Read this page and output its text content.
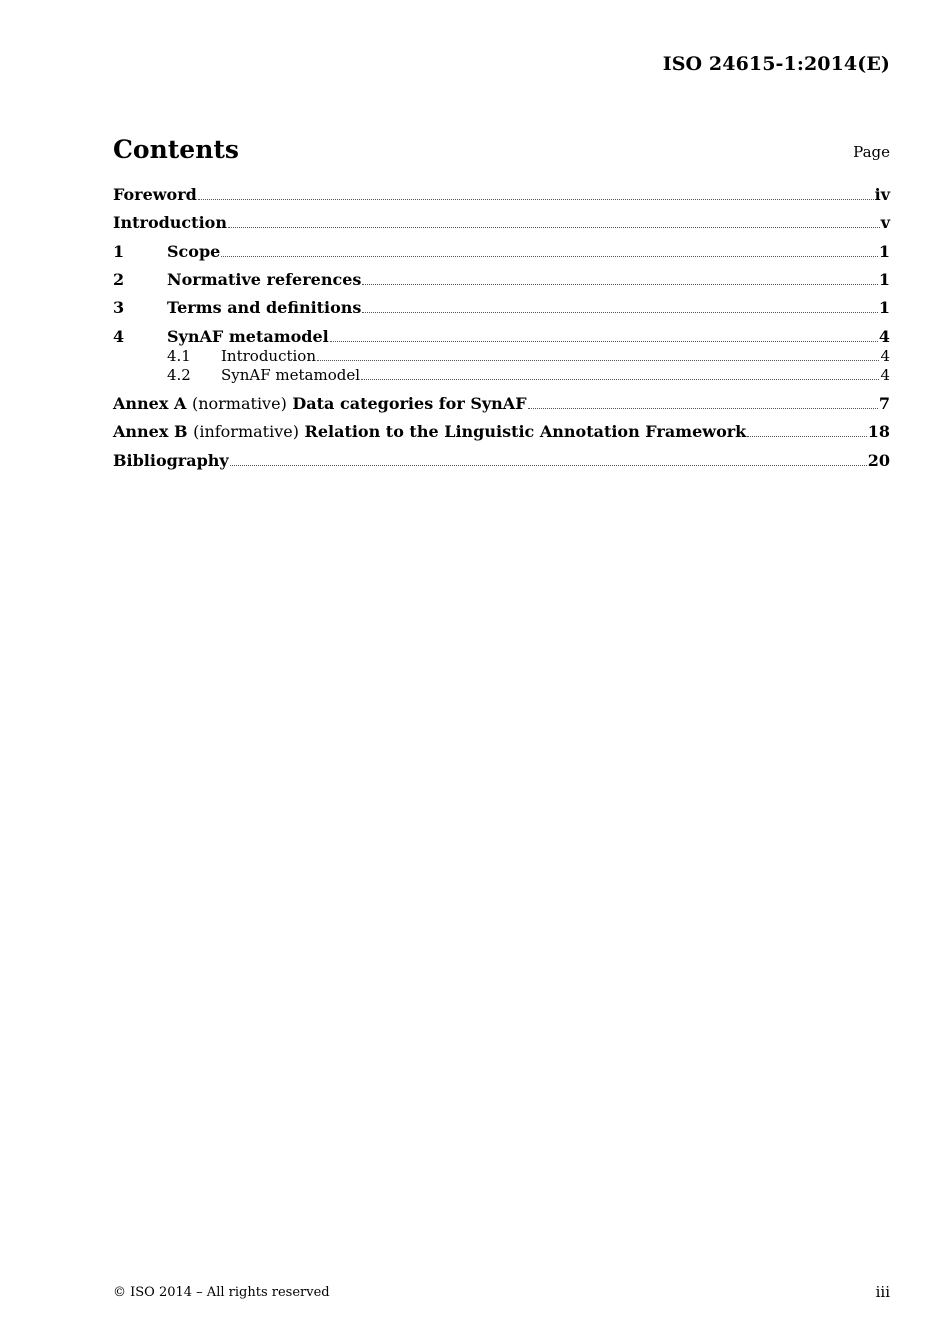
ISO 24615-1:2014(E)
Contents	Page
Foreword	iv
Introduction	v
1	Scope	1
2	Normative references	1
3	Terms and definitions	1
4	SynAF metamodel	4
4.1	Introduction	4
4.2	SynAF metamodel	4
Annex A (normative) Data categories for SynAF	7
Annex B (informative) Relation to the Linguistic Annotation Framework	18
Bibliography	20
© ISO 2014 – All rights reserved	iii
